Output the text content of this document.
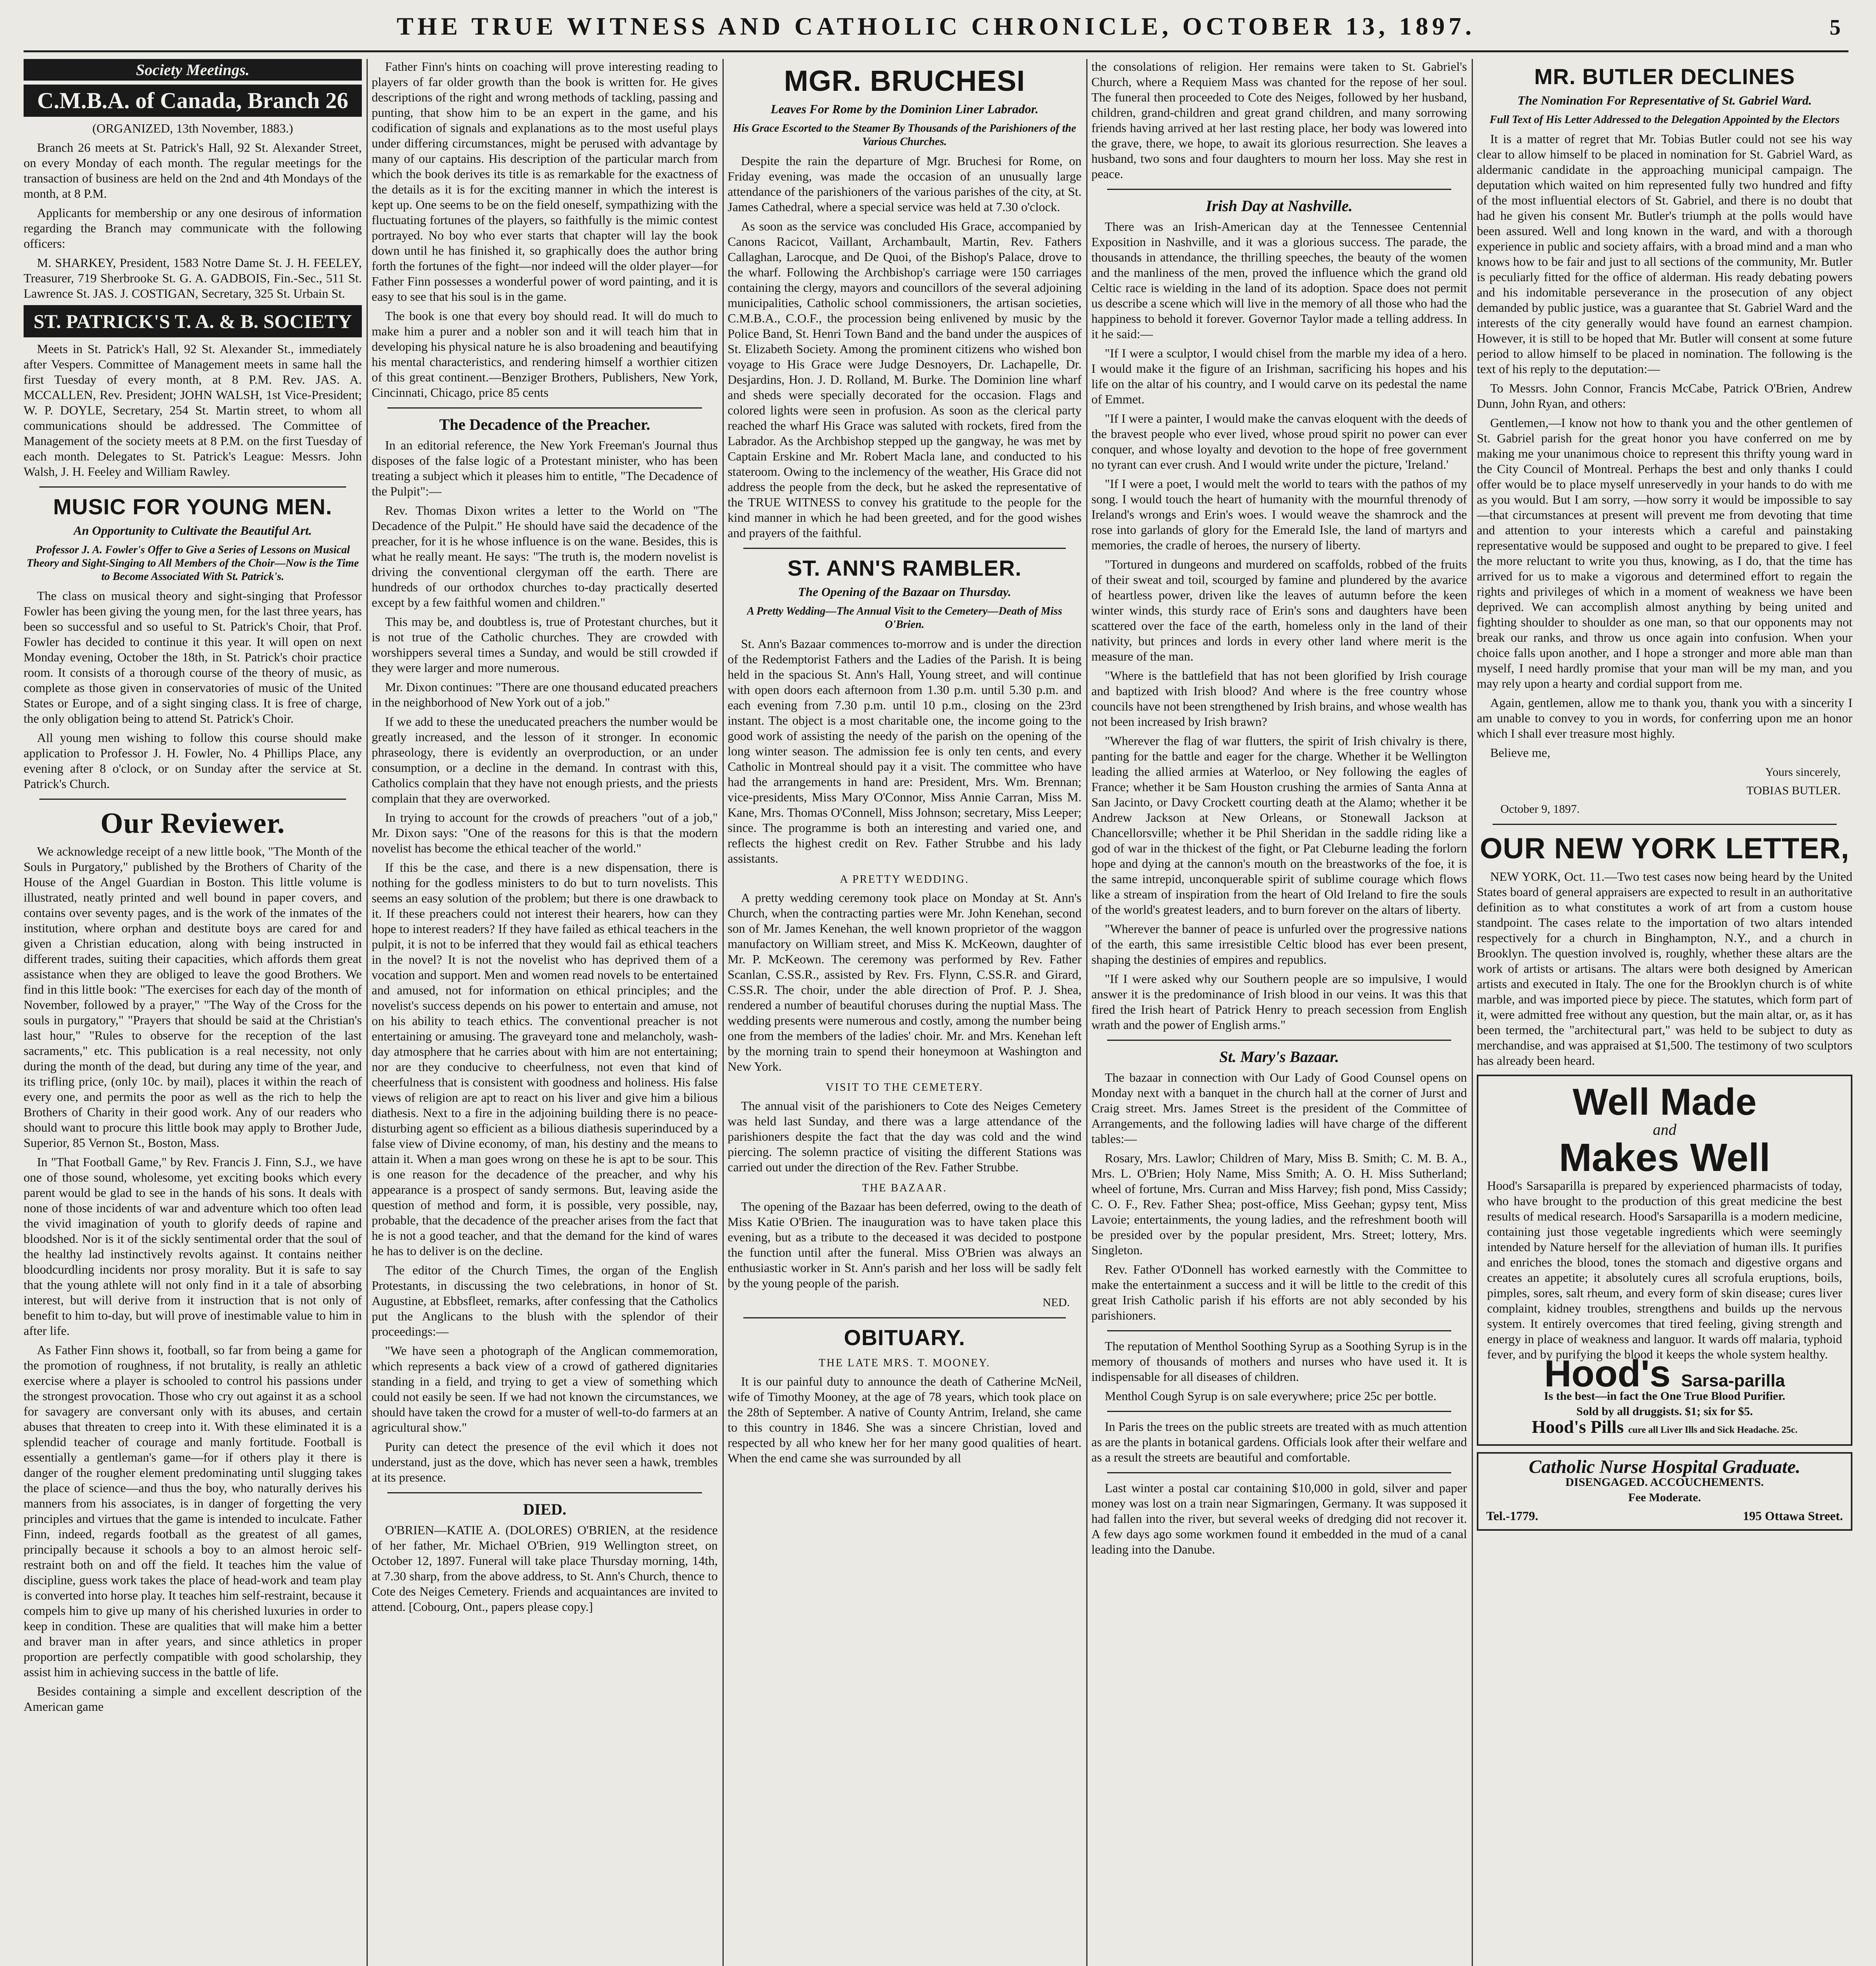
THE TRUE WITNESS AND CATHOLIC CHRONICLE, OCTOBER 13, 1897.	5
Society Meetings.
C.M.B.A. of Canada, Branch 26

(ORGANIZED, 13th November, 1883.)

Branch 26 meets at St. Patrick's Hall, 92 St. Alexander Street, on every Monday of each month. The regular meetings for the transaction of business are held on the 2nd and 4th Mondays of the month, at 8 P.M.

Applicants for membership or any one desirous of information regarding the Branch may communicate with the following officers:

M. SHARKEY, President, 1583 Notre Dame St. J. H. FEELEY, Treasurer, 719 Sherbrooke St. G. A. GADBOIS, Fin.-Sec., 511 St. Lawrence St. JAS. J. COSTIGAN, Secretary, 325 St. Urbain St.

ST. PATRICK'S T. A. & B. SOCIETY

Meets in St. Patrick's Hall, 92 St. Alexander St., immediately after Vespers. Committee of Management meets in same hall the first Tuesday of every month, at 8 P.M. Rev. JAS. A. MCCALLEN, Rev. President; JOHN WALSH, 1st Vice-President; W. P. DOYLE, Secretary, 254 St. Martin street, to whom all communications should be addressed. The Committee of Management of the society meets at 8 P.M. on the first Tuesday of each month. Delegates to St. Patrick's League: Messrs. John Walsh, J. H. Feeley and William Rawley.

MUSIC FOR YOUNG MEN.
An Opportunity to Cultivate the Beautiful Art.
Professor J. A. Fowler's Offer to Give a Series of Lessons on Musical Theory and Sight-Singing to All Members of the Choir—Now is the Time to Become Associated With St. Patrick's.

The class on musical theory and sight-singing that Professor Fowler has been giving the young men, for the last three years, has been so successful and so useful to St. Patrick's Choir, that Prof. Fowler has decided to continue it this year. It will open on next Monday evening, October the 18th, in St. Patrick's choir practice room. It consists of a thorough course of the theory of music, as complete as those given in conservatories of music of the United States or Europe, and of a sight singing class. It is free of charge, the only obligation being to attend St. Patrick's Choir.

All young men wishing to follow this course should make application to Professor J. H. Fowler, No. 4 Phillips Place, any evening after 8 o'clock, or on Sunday after the service at St. Patrick's Church.

Our Reviewer.

We acknowledge receipt of a new little book, "The Month of the Souls in Purgatory," published by the Brothers of Charity of the House of the Angel Guardian in Boston. This little volume is illustrated, neatly printed and well bound in paper covers, and contains over seventy pages, and is the work of the inmates of the institution, where orphan and destitute boys are cared for and given a Christian education, along with being instructed in different trades, suiting their capacities, which affords them great assistance when they are obliged to leave the good Brothers. We find in this little book: "The exercises for each day of the month of November, followed by a prayer," "The Way of the Cross for the souls in purgatory," "Prayers that should be said at the Christian's last hour," "Rules to observe for the reception of the last sacraments," etc. This publication is a real necessity, not only during the month of the dead, but during any time of the year, and its trifling price, (only 10c. by mail), places it within the reach of every one, and permits the poor as well as the rich to help the Brothers of Charity in their good work. Any of our readers who should want to procure this little book may apply to Brother Jude, Superior, 85 Vernon St., Boston, Mass.

In "That Football Game," by Rev. Francis J. Finn, S.J., we have one of those sound, wholesome, yet exciting books which every parent would be glad to see in the hands of his sons. It deals with none of those incidents of war and adventure which too often lead the vivid imagination of youth to glorify deeds of rapine and bloodshed. Nor is it of the sickly sentimental order that the soul of the healthy lad instinctively revolts against. It contains neither bloodcurdling incidents nor prosy morality. But it is safe to say that the young athlete will not only find in it a tale of absorbing interest, but will derive from it instruction that is not only of benefit to him to-day, but will prove of inestimable value to him in after life.

As Father Finn shows it, football, so far from being a game for the promotion of roughness, if not brutality, is really an athletic exercise where a player is schooled to control his passions under the strongest provocation. Those who cry out against it as a school for savagery are conversant only with its abuses, and certain abuses that threaten to creep into it. With these eliminated it is a splendid teacher of courage and manly fortitude. Football is essentially a gentleman's game—for if others play it there is danger of the rougher element predominating until slugging takes the place of science—and thus the boy, who naturally derives his manners from his associates, is in danger of forgetting the very principles and virtues that the game is intended to inculcate. Father Finn, indeed, regards football as the greatest of all games, principally because it schools a boy to an almost heroic self-restraint both on and off the field. It teaches him the value of discipline, guess work takes the place of head-work and team play is converted into horse play. It teaches him self-restraint, because it compels him to give up many of his cherished luxuries in order to keep in condition. These are qualities that will make him a better and braver man in after years, and since athletics in proper proportion are perfectly compatible with good scholarship, they assist him in achieving success in the battle of life.

Besides containing a simple and excellent description of the American game

Father Finn's hints on coaching will prove interesting reading to players of far older growth than the book is written for. He gives descriptions of the right and wrong methods of tackling, passing and punting, that show him to be an expert in the game, and his codification of signals and explanations as to the most useful plays under differing circumstances, might be perused with advantage by many of our captains. His description of the particular march from which the book derives its title is as remarkable for the exactness of the details as it is for the exciting manner in which the interest is kept up. One seems to be on the field oneself, sympathizing with the fluctuating fortunes of the players, so faithfully is the mimic contest portrayed. No boy who ever starts that chapter will lay the book down until he has finished it, so graphically does the author bring forth the fortunes of the fight—nor indeed will the older player—for Father Finn possesses a wonderful power of word painting, and it is easy to see that his soul is in the game.

The book is one that every boy should read. It will do much to make him a purer and a nobler son and it will teach him that in developing his physical nature he is also broadening and beautifying his mental characteristics, and rendering himself a worthier citizen of this great continent.—Benziger Brothers, Publishers, New York, Cincinnati, Chicago, price 85 cents

The Decadence of the Preacher.

In an editorial reference, the New York Freeman's Journal thus disposes of the false logic of a Protestant minister, who has been treating a subject which it pleases him to entitle, "The Decadence of the Pulpit":—

Rev. Thomas Dixon writes a letter to the World on "The Decadence of the Pulpit." He should have said the decadence of the preacher, for it is he whose influence is on the wane. Besides, this is what he really meant. He says: "The truth is, the modern novelist is driving the conventional clergyman off the earth. There are hundreds of our orthodox churches to-day practically deserted except by a few faithful women and children."

This may be, and doubtless is, true of Protestant churches, but it is not true of the Catholic churches. They are crowded with worshippers several times a Sunday, and would be still crowded if they were larger and more numerous.

Mr. Dixon continues: "There are one thousand educated preachers in the neighborhood of New York out of a job."

If we add to these the uneducated preachers the number would be greatly increased, and the lesson of it stronger. In economic phraseology, there is evidently an overproduction, or an under consumption, or a decline in the demand. In contrast with this, Catholics complain that they have not enough priests, and the priests complain that they are overworked.

In trying to account for the crowds of preachers "out of a job," Mr. Dixon says: "One of the reasons for this is that the modern novelist has become the ethical teacher of the world."

If this be the case, and there is a new dispensation, there is nothing for the godless ministers to do but to turn novelists. This seems an easy solution of the problem; but there is one drawback to it. If these preachers could not interest their hearers, how can they hope to interest readers? If they have failed as ethical teachers in the pulpit, it is not to be inferred that they would fail as ethical teachers in the novel? It is not the novelist who has deprived them of a vocation and support. Men and women read novels to be entertained and amused, not for information on ethical principles; and the novelist's success depends on his power to entertain and amuse, not on his ability to teach ethics. The conventional preacher is not entertaining or amusing. The graveyard tone and melancholy, wash-day atmosphere that he carries about with him are not entertaining; nor are they conducive to cheerfulness, not even that kind of cheerfulness that is consistent with goodness and holiness. His false views of religion are apt to react on his liver and give him a bilious diathesis. Next to a fire in the adjoining building there is no peace-disturbing agent so efficient as a bilious diathesis superinduced by a false view of Divine economy, of man, his destiny and the means to attain it. When a man goes wrong on these he is apt to be sour. This is one reason for the decadence of the preacher, and why his appearance is a prospect of sandy sermons. But, leaving aside the question of method and form, it is possible, very possible, nay, probable, that the decadence of the preacher arises from the fact that he is not a good teacher, and that the demand for the kind of wares he has to deliver is on the decline.

The editor of the Church Times, the organ of the English Protestants, in discussing the two celebrations, in honor of St. Augustine, at Ebbsfleet, remarks, after confessing that the Catholics put the Anglicans to the blush with the splendor of their proceedings:—

"We have seen a photograph of the Anglican commemoration, which represents a back view of a crowd of gathered dignitaries standing in a field, and trying to get a view of something which could not easily be seen. If we had not known the circumstances, we should have taken the crowd for a muster of well-to-do farmers at an agricultural show."

Purity can detect the presence of the evil which it does not understand, just as the dove, which has never seen a hawk, trembles at its presence.

DIED.

O'BRIEN—KATIE A. (DOLORES) O'BRIEN, at the residence of her father, Mr. Michael O'Brien, 919 Wellington street, on October 12, 1897. Funeral will take place Thursday morning, 14th, at 7.30 sharp, from the above address, to St. Ann's Church, thence to Cote des Neiges Cemetery. Friends and acquaintances are invited to attend. [Cobourg, Ont., papers please copy.]

MGR. BRUCHESI
Leaves For Rome by the Dominion Liner Labrador.
His Grace Escorted to the Steamer By Thousands of the Parishioners of the Various Churches.

Despite the rain the departure of Mgr. Bruchesi for Rome, on Friday evening, was made the occasion of an unusually large attendance of the parishioners of the various parishes of the city, at St. James Cathedral, where a special service was held at 7.30 o'clock.

As soon as the service was concluded His Grace, accompanied by Canons Racicot, Vaillant, Archambault, Martin, Rev. Fathers Callaghan, Larocque, and De Quoi, of the Bishop's Palace, drove to the wharf. Following the Archbishop's carriage were 150 carriages containing the clergy, mayors and councillors of the several adjoining municipalities, Catholic school commissioners, the artisan societies, C.M.B.A., C.O.F., the procession being enlivened by music by the Police Band, St. Henri Town Band and the band under the auspices of St. Elizabeth Society. Among the prominent citizens who wished bon voyage to His Grace were Judge Desnoyers, Dr. Lachapelle, Dr. Desjardins, Hon. J. D. Rolland, M. Burke. The Dominion line wharf and sheds were specially decorated for the occasion. Flags and colored lights were seen in profusion. As soon as the clerical party reached the wharf His Grace was saluted with rockets, fired from the Labrador. As the Archbishop stepped up the gangway, he was met by Captain Erskine and Mr. Robert Macla lane, and conducted to his stateroom. Owing to the inclemency of the weather, His Grace did not address the people from the deck, but he asked the representative of the TRUE WITNESS to convey his gratitude to the people for the kind manner in which he had been greeted, and for the good wishes and prayers of the faithful.

ST. ANN'S RAMBLER.
The Opening of the Bazaar on Thursday.
A Pretty Wedding—The Annual Visit to the Cemetery—Death of Miss O'Brien.

St. Ann's Bazaar commences to-morrow and is under the direction of the Redemptorist Fathers and the Ladies of the Parish. It is being held in the spacious St. Ann's Hall, Young street, and will continue with open doors each afternoon from 1.30 p.m. until 5.30 p.m. and each evening from 7.30 p.m. until 10 p.m., closing on the 23rd instant. The object is a most charitable one, the income going to the good work of assisting the needy of the parish on the opening of the long winter season. The admission fee is only ten cents, and every Catholic in Montreal should pay it a visit. The committee who have had the arrangements in hand are: President, Mrs. Wm. Brennan; vice-presidents, Miss Mary O'Connor, Miss Annie Carran, Miss M. Kane, Mrs. Thomas O'Connell, Miss Johnson; secretary, Miss Leeper; since. The programme is both an interesting and varied one, and reflects the highest credit on Rev. Father Strubbe and his lady assistants.

A PRETTY WEDDING.

A pretty wedding ceremony took place on Monday at St. Ann's Church, when the contracting parties were Mr. John Kenehan, second son of Mr. James Kenehan, the well known proprietor of the waggon manufactory on William street, and Miss K. McKeown, daughter of Mr. P. McKeown. The ceremony was performed by Rev. Father Scanlan, C.SS.R., assisted by Rev. Frs. Flynn, C.SS.R. and Girard, C.SS.R. The choir, under the able direction of Prof. P. J. Shea, rendered a number of beautiful choruses during the nuptial Mass. The wedding presents were numerous and costly, among the number being one from the members of the ladies' choir. Mr. and Mrs. Kenehan left by the morning train to spend their honeymoon at Washington and New York.

VISIT TO THE CEMETERY.

The annual visit of the parishioners to Cote des Neiges Cemetery was held last Sunday, and there was a large attendance of the parishioners despite the fact that the day was cold and the wind piercing. The solemn practice of visiting the different Stations was carried out under the direction of the Rev. Father Strubbe.

THE BAZAAR.

The opening of the Bazaar has been deferred, owing to the death of Miss Katie O'Brien. The inauguration was to have taken place this evening, but as a tribute to the deceased it was decided to postpone the function until after the funeral. Miss O'Brien was always an enthusiastic worker in St. Ann's parish and her loss will be sadly felt by the young people of the parish.

NED.
OBITUARY.
THE LATE MRS. T. MOONEY.

It is our painful duty to announce the death of Catherine McNeil, wife of Timothy Mooney, at the age of 78 years, which took place on the 28th of September. A native of County Antrim, Ireland, she came to this country in 1846. She was a sincere Christian, loved and respected by all who knew her for her many good qualities of heart. When the end came she was surrounded by all

the consolations of religion. Her remains were taken to St. Gabriel's Church, where a Requiem Mass was chanted for the repose of her soul. The funeral then proceeded to Cote des Neiges, followed by her husband, children, grand-children and great grand children, and many sorrowing friends having arrived at her last resting place, her body was lowered into the grave, there, we hope, to await its glorious resurrection. She leaves a husband, two sons and four daughters to mourn her loss. May she rest in peace.

Irish Day at Nashville.

There was an Irish-American day at the Tennessee Centennial Exposition in Nashville, and it was a glorious success. The parade, the thousands in attendance, the thrilling speeches, the beauty of the women and the manliness of the men, proved the influence which the grand old Celtic race is wielding in the land of its adoption. Space does not permit us describe a scene which will live in the memory of all those who had the happiness to behold it forever. Governor Taylor made a telling address. In it he said:—

"If I were a sculptor, I would chisel from the marble my idea of a hero. I would make it the figure of an Irishman, sacrificing his hopes and his life on the altar of his country, and I would carve on its pedestal the name of Emmet.

"If I were a painter, I would make the canvas eloquent with the deeds of the bravest people who ever lived, whose proud spirit no power can ever conquer, and whose loyalty and devotion to the hope of free government no tyrant can ever crush. And I would write under the picture, 'Ireland.'

"If I were a poet, I would melt the world to tears with the pathos of my song. I would touch the heart of humanity with the mournful threnody of Ireland's wrongs and Erin's woes. I would weave the shamrock and the rose into garlands of glory for the Emerald Isle, the land of martyrs and memories, the cradle of heroes, the nursery of liberty.

"Tortured in dungeons and murdered on scaffolds, robbed of the fruits of their sweat and toil, scourged by famine and plundered by the avarice of heartless power, driven like the leaves of autumn before the keen winter winds, this sturdy race of Erin's sons and daughters have been scattered over the face of the earth, homeless only in the land of their nativity, but princes and lords in every other land where merit is the measure of the man.

"Where is the battlefield that has not been glorified by Irish courage and baptized with Irish blood? And where is the free country whose councils have not been strengthened by Irish brains, and whose wealth has not been increased by Irish brawn?

"Wherever the flag of war flutters, the spirit of Irish chivalry is there, panting for the battle and eager for the charge. Whether it be Wellington leading the allied armies at Waterloo, or Ney following the eagles of France; whether it be Sam Houston crushing the armies of Santa Anna at San Jacinto, or Davy Crockett courting death at the Alamo; whether it be Andrew Jackson at New Orleans, or Stonewall Jackson at Chancellorsville; whether it be Phil Sheridan in the saddle riding like a god of war in the thickest of the fight, or Pat Cleburne leading the forlorn hope and dying at the cannon's mouth on the breastworks of the foe, it is the same intrepid, unconquerable spirit of sublime courage which flows like a stream of inspiration from the heart of Old Ireland to fire the souls of the world's greatest leaders, and to burn forever on the altars of liberty.

"Wherever the banner of peace is unfurled over the progressive nations of the earth, this same irresistible Celtic blood has ever been present, shaping the destinies of empires and republics.

"If I were asked why our Southern people are so impulsive, I would answer it is the predominance of Irish blood in our veins. It was this that fired the Irish heart of Patrick Henry to preach secession from English wrath and the power of English arms."

St. Mary's Bazaar.

The bazaar in connection with Our Lady of Good Counsel opens on Monday next with a banquet in the church hall at the corner of Jurst and Craig street. Mrs. James Street is the president of the Committee of Arrangements, and the following ladies will have charge of the different tables:—

Rosary, Mrs. Lawlor; Children of Mary, Miss B. Smith; C. M. B. A., Mrs. L. O'Brien; Holy Name, Miss Smith; A. O. H. Miss Sutherland; wheel of fortune, Mrs. Curran and Miss Harvey; fish pond, Miss Cassidy; C. O. F., Rev. Father Shea; post-office, Miss Geehan; gypsy tent, Miss Lavoie; entertainments, the young ladies, and the refreshment booth will be presided over by the popular president, Mrs. Street; lottery, Mrs. Singleton.

Rev. Father O'Donnell has worked earnestly with the Committee to make the entertainment a success and it will be little to the credit of this great Irish Catholic parish if his efforts are not ably seconded by his parishioners.

The reputation of Menthol Soothing Syrup as a Soothing Syrup is in the memory of thousands of mothers and nurses who have used it. It is indispensable for all diseases of children.

Menthol Cough Syrup is on sale everywhere; price 25c per bottle.

In Paris the trees on the public streets are treated with as much attention as are the plants in botanical gardens. Officials look after their welfare and as a result the streets are beautiful and comfortable.

Last winter a postal car containing $10,000 in gold, silver and paper money was lost on a train near Sigmaringen, Germany. It was supposed it had fallen into the river, but several weeks of dredging did not recover it. A few days ago some workmen found it embedded in the mud of a canal leading into the Danube.

MR. BUTLER DECLINES
The Nomination For Representative of St. Gabriel Ward.
Full Text of His Letter Addressed to the Delegation Appointed by the Electors

It is a matter of regret that Mr. Tobias Butler could not see his way clear to allow himself to be placed in nomination for St. Gabriel Ward, as aldermanic candidate in the approaching municipal campaign. The deputation which waited on him represented fully two hundred and fifty of the most influential electors of St. Gabriel, and there is no doubt that had he given his consent Mr. Butler's triumph at the polls would have been assured. Well and long known in the ward, and with a thorough experience in public and society affairs, with a broad mind and a man who knows how to be fair and just to all sections of the community, Mr. Butler is peculiarly fitted for the office of alderman. His ready debating powers and his indomitable perseverance in the prosecution of any object demanded by public justice, was a guarantee that St. Gabriel Ward and the interests of the city generally would have found an earnest champion. However, it is still to be hoped that Mr. Butler will consent at some future period to allow himself to be placed in nomination. The following is the text of his reply to the deputation:—

To Messrs. John Connor, Francis McCabe, Patrick O'Brien, Andrew Dunn, John Ryan, and others:

Gentlemen,—I know not how to thank you and the other gentlemen of St. Gabriel parish for the great honor you have conferred on me by making me your unanimous choice to represent this thrifty young ward in the City Council of Montreal. Perhaps the best and only thanks I could offer would be to place myself unreservedly in your hands to do with me as you would. But I am sorry, —how sorry it would be impossible to say—that circumstances at present will prevent me from devoting that time and attention to your interests which a careful and painstaking representative would be supposed and ought to be prepared to give. I feel the more reluctant to write you thus, knowing, as I do, that the time has arrived for us to make a vigorous and determined effort to regain the rights and privileges of which in a moment of weakness we have been deprived. We can accomplish almost anything by being united and fighting shoulder to shoulder as one man, so that our opponents may not break our ranks, and throw us once again into confusion. When your choice falls upon another, and I hope a stronger and more able man than myself, I need hardly promise that your man will be my man, and you may rely upon a hearty and cordial support from me.

Again, gentlemen, allow me to thank you, thank you with a sincerity I am unable to convey to you in words, for conferring upon me an honor which I shall ever treasure most highly.

Believe me,

Yours sincerely,
TOBIAS BUTLER.
October 9, 1897.
OUR NEW YORK LETTER,

NEW YORK, Oct. 11.—Two test cases now being heard by the United States board of general appraisers are expected to result in an authoritative definition as to what constitutes a work of art from a custom house standpoint. The cases relate to the importation of two altars intended respectively for a church in Binghampton, N.Y., and a church in Brooklyn. The question involved is, roughly, whether these altars are the work of artists or artisans. The altars were both designed by American artists and executed in Italy. The one for the Brooklyn church is of white marble, and was imported piece by piece. The statutes, which form part of it, were admitted free without any question, but the main altar, or, as it has been termed, the "architectural part," was held to be subject to duty as merchandise, and was appraised at $1,500. The testimony of two sculptors has already been heard.

Well Made
and
Makes Well

Hood's Sarsaparilla is prepared by experienced pharmacists of today, who have brought to the production of this great medicine the best results of medical research. Hood's Sarsaparilla is a modern medicine, containing just those vegetable ingredients which were seemingly intended by Nature herself for the alleviation of human ills. It purifies and enriches the blood, tones the stomach and digestive organs and creates an appetite; it absolutely cures all scrofula eruptions, boils, pimples, sores, salt rheum, and every form of skin disease; cures liver complaint, kidney troubles, strengthens and builds up the nervous system. It entirely overcomes that tired feeling, giving strength and energy in place of weakness and languor. It wards off malaria, typhoid fever, and by purifying the blood it keeps the whole system healthy.

Hood's Sarsa-parilla
Is the best—in fact the One True Blood Purifier.
Sold by all druggists. $1; six for $5.
Hood's Pills cure all Liver Ills and Sick Headache. 25c.
Catholic Nurse Hospital Graduate.
DISENGAGED. ACCOUCHEMENTS.
Fee Moderate.
Tel.-1779.	195 Ottawa Street.
